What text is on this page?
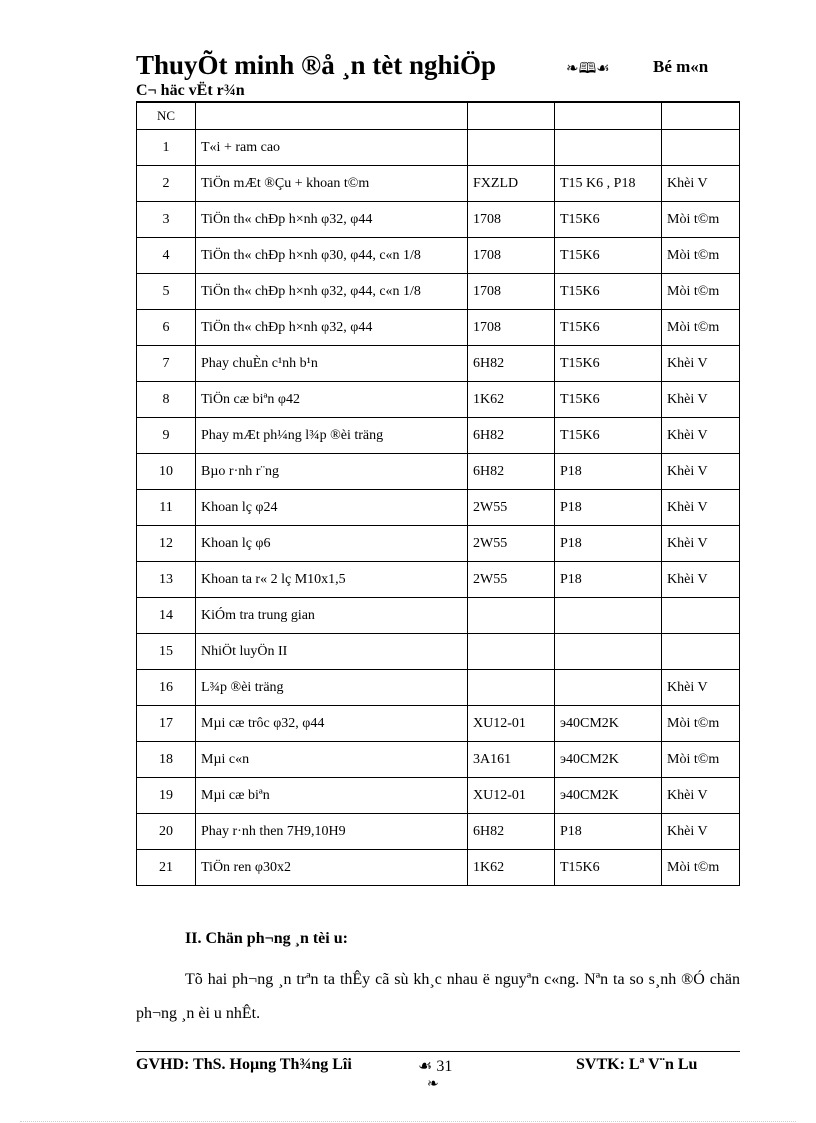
ThuyÕt minh ®å ¸n tèt nghiÖp	❧🕮☙	Bé m«n
C¬ häc vËt r¾n
NC				
1	T«i + ram cao			
2	TiÖn mÆt ®Çu + khoan t©m	FXZLD	T15 K6 , P18	Khèi V
3	TiÖn th« chÐp h×nh φ32, φ44	1708	T15K6	Mòi t©m
4	TiÖn th« chÐp h×nh φ30, φ44, c«n 1/8	1708	T15K6	Mòi t©m
5	TiÖn th« chÐp h×nh φ32, φ44, c«n 1/8	1708	T15K6	Mòi t©m
6	TiÖn th« chÐp h×nh φ32, φ44	1708	T15K6	Mòi t©m
7	Phay chuÈn c¹nh b¹n	6H82	T15K6	Khèi V
8	TiÖn cæ biªn φ42	1K62	T15K6	Khèi V
9	Phay mÆt ph¼ng l¾p ®èi träng	6H82	T15K6	Khèi V
10	Bµo r·nh r¨ng	6H82	P18	Khèi V
11	Khoan lç φ24	2W55	P18	Khèi V
12	Khoan lç φ6	2W55	P18	Khèi V
13	Khoan ta r« 2 lç M10x1,5	2W55	P18	Khèi V
14	KiÓm tra trung gian			
15	NhiÖt luyÖn II			
16	L¾p ®èi träng			Khèi V
17	Mµi cæ trôc φ32, φ44	XU12-01	э40CM2K	Mòi t©m
18	Mµi c«n	3A161	э40CM2K	Mòi t©m
19	Mµi cæ biªn	XU12-01	э40CM2K	Khèi V
20	Phay r·nh then 7H9,10H9	6H82	P18	Khèi V
21	TiÖn ren φ30x2	1K62	T15K6	Mòi t©m
II. Chän ph¬ng ¸n tèi u:
Tõ hai ph¬ng ¸n trªn ta thÊy cã sù kh¸c nhau ë nguyªn c«ng. Nªn ta so s¸nh ®Ó chän ph¬ng ¸n èi u nhÊt.
GVHD: ThS. Hoµng Th¾ng Lîi	☙ 31	SVTK: Lª V¨n Lu
❧
